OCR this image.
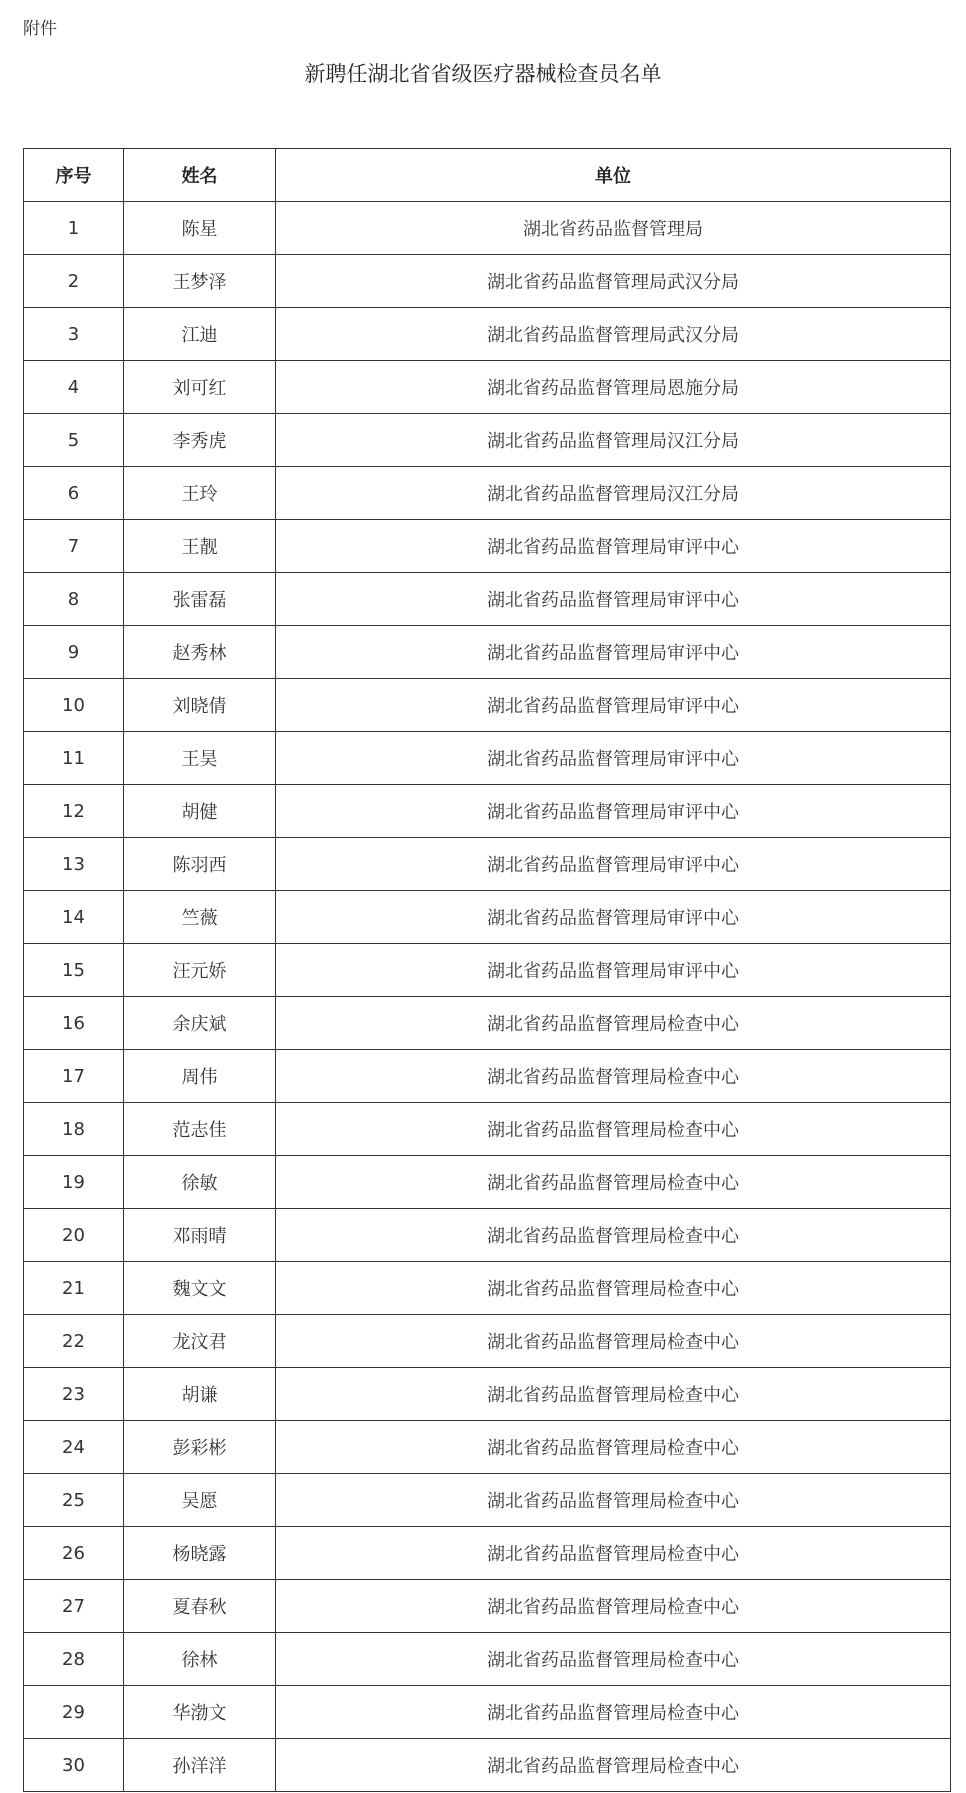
附件
新聘任湖北省省级医疗器械检查员名单
序号	姓名	单位
1	陈星	湖北省药品监督管理局
2	王梦泽	湖北省药品监督管理局武汉分局
3	江迪	湖北省药品监督管理局武汉分局
4	刘可红	湖北省药品监督管理局恩施分局
5	李秀虎	湖北省药品监督管理局汉江分局
6	王玲	湖北省药品监督管理局汉江分局
7	王靓	湖北省药品监督管理局审评中心
8	张雷磊	湖北省药品监督管理局审评中心
9	赵秀林	湖北省药品监督管理局审评中心
10	刘晓倩	湖北省药品监督管理局审评中心
11	王昊	湖北省药品监督管理局审评中心
12	胡健	湖北省药品监督管理局审评中心
13	陈羽西	湖北省药品监督管理局审评中心
14	竺薇	湖北省药品监督管理局审评中心
15	汪元娇	湖北省药品监督管理局审评中心
16	余庆斌	湖北省药品监督管理局检查中心
17	周伟	湖北省药品监督管理局检查中心
18	范志佳	湖北省药品监督管理局检查中心
19	徐敏	湖北省药品监督管理局检查中心
20	邓雨晴	湖北省药品监督管理局检查中心
21	魏文文	湖北省药品监督管理局检查中心
22	龙汶君	湖北省药品监督管理局检查中心
23	胡谦	湖北省药品监督管理局检查中心
24	彭彩彬	湖北省药品监督管理局检查中心
25	吴愿	湖北省药品监督管理局检查中心
26	杨晓露	湖北省药品监督管理局检查中心
27	夏春秋	湖北省药品监督管理局检查中心
28	徐林	湖北省药品监督管理局检查中心
29	华渤文	湖北省药品监督管理局检查中心
30	孙洋洋	湖北省药品监督管理局检查中心
